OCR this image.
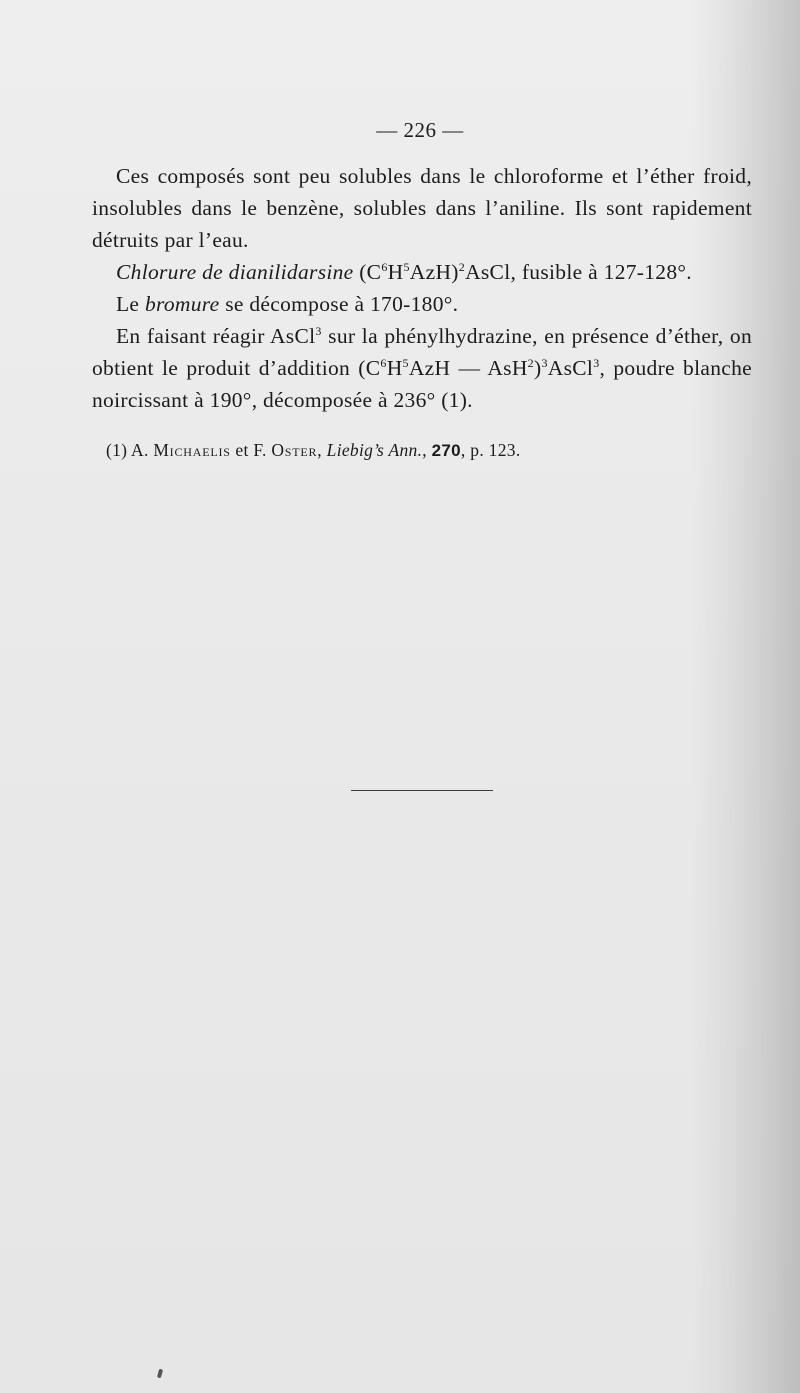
— 226 —

Ces composés sont peu solubles dans le chloroforme et l’éther froid, insolubles dans le benzène, solubles dans l’aniline. Ils sont rapidement détruits par l’eau.

Chlorure de dianilidarsine $(C^6H^5AzH)^2AsCl$, fusible à 127-128°.

Le bromure se décompose à 170-180°.

En faisant réagir AsCl$^3$ sur la phénylhydrazine, en présence d’éther, on obtient le produit d’addition ($C^6H^5AzH$ — AsH$^2$)$^3$AsCl$^3$, poudre blanche noircissant à 190°, décomposée à 236° (1).

(1) A. Michaelis et F. Oster, Liebig’s Ann., 270, p. 123.
